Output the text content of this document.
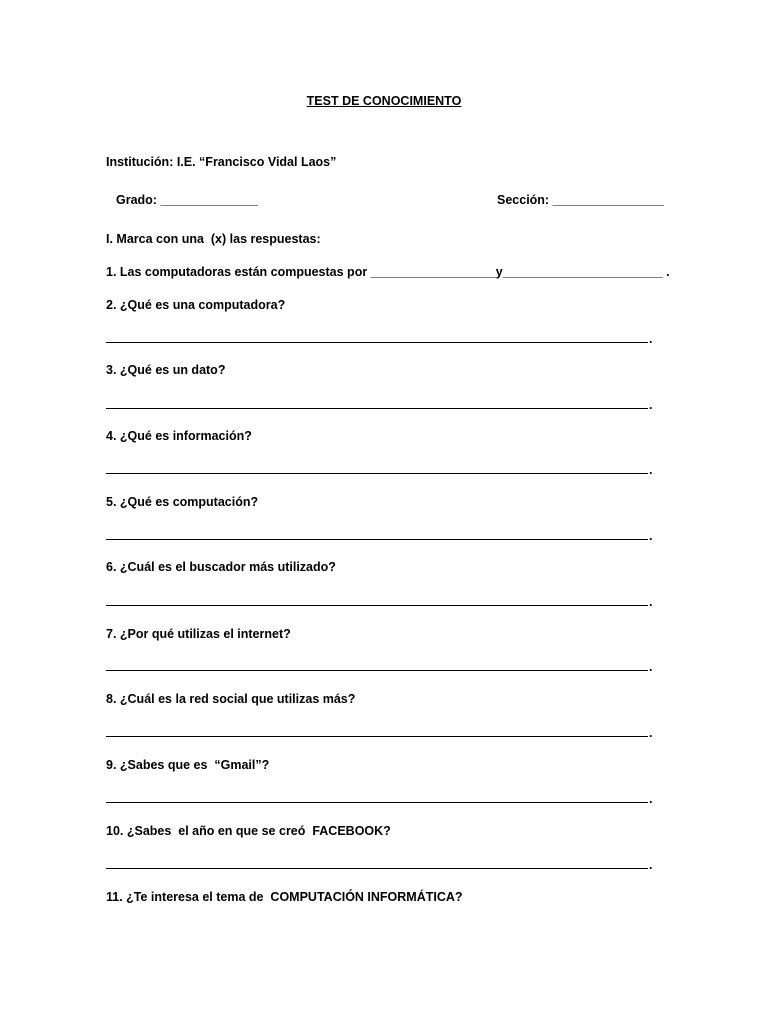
TEST DE CONOCIMIENTO
Institución: I.E. “Francisco Vidal Laos”
Grado: ______________	Sección: ________________
I. Marca con una  (x) las respuestas:
1. Las computadoras están compuestas por __________________y_______________________ .
2. ¿Qué es una computadora?
.
3. ¿Qué es un dato?
.
4. ¿Qué es información?
.
5. ¿Qué es computación?
.
6. ¿Cuál es el buscador más utilizado?
.
7. ¿Por qué utilizas el internet?
.
8. ¿Cuál es la red social que utilizas más?
.
9. ¿Sabes que es  “Gmail”?
.
10. ¿Sabes  el año en que se creó  FACEBOOK?
.
11. ¿Te interesa el tema de  COMPUTACIÓN INFORMÁTICA?
